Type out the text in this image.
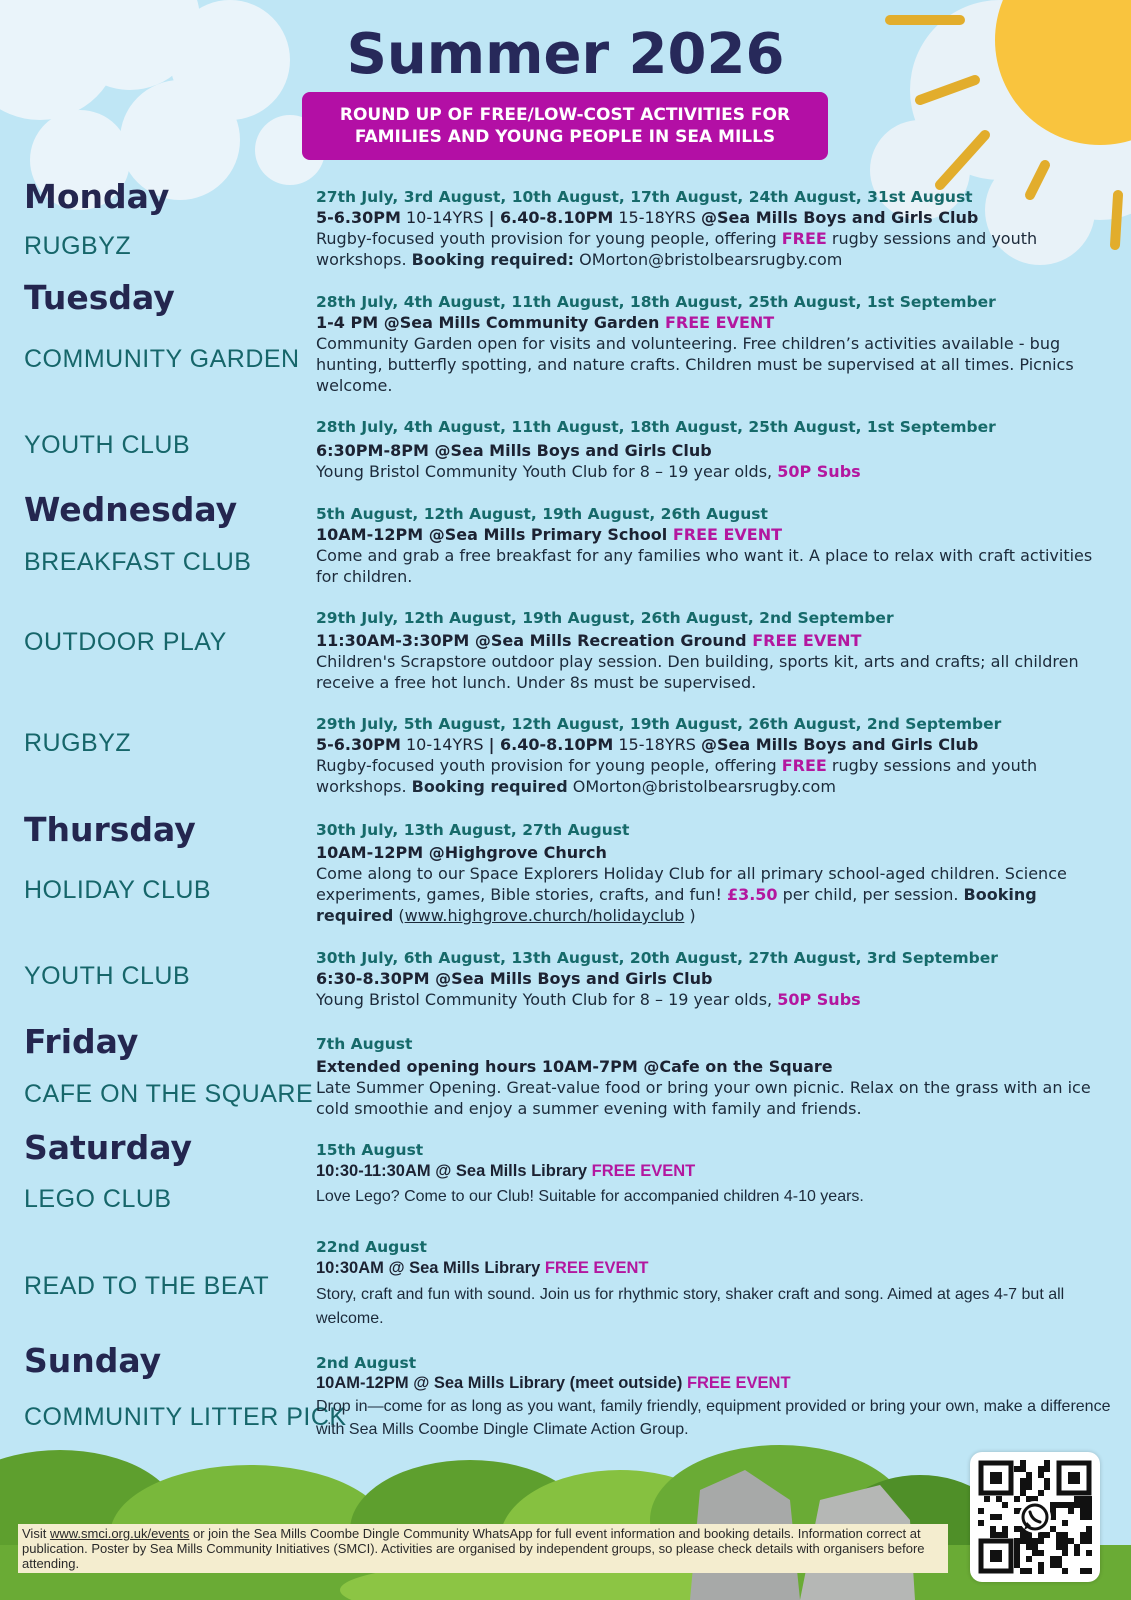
Summer 2026
ROUND UP OF FREE/LOW-COST ACTIVITIES FOR
FAMILIES AND YOUNG PEOPLE IN SEA MILLS
Monday
Tuesday
Wednesday
Thursday
Friday
Saturday
Sunday
RUGBYZ
COMMUNITY GARDEN
YOUTH CLUB
BREAKFAST CLUB
OUTDOOR PLAY
RUGBYZ
HOLIDAY CLUB
YOUTH CLUB
CAFE ON THE SQUARE
LEGO CLUB
READ TO THE BEAT
COMMUNITY LITTER PICK
27th July, 3rd August, 10th August, 17th August, 24th August, 31st August
5-6.30PM 10-14YRS | 6.40-8.10PM 15-18YRS @Sea Mills Boys and Girls Club
Rugby-focused youth provision for young people, offering FREE rugby sessions and youth workshops. Booking required: OMorton@bristolbearsrugby.com
28th July, 4th August, 11th August, 18th August, 25th August, 1st September
1-4 PM @Sea Mills Community Garden FREE EVENT
Community Garden open for visits and volunteering. Free children’s activities available - bug hunting, butterfly spotting, and nature crafts. Children must be supervised at all times. Picnics welcome.
28th July, 4th August, 11th August, 18th August, 25th August, 1st September
6:30PM-8PM @Sea Mills Boys and Girls Club
Young Bristol Community Youth Club for 8 – 19 year olds, 50P Subs
5th August, 12th August, 19th August, 26th August
10AM-12PM @Sea Mills Primary School FREE EVENT
Come and grab a free breakfast for any families who want it. A place to relax with craft activities for children.
29th July, 12th August, 19th August, 26th August, 2nd September
11:30AM-3:30PM @Sea Mills Recreation Ground FREE EVENT
Children's Scrapstore outdoor play session. Den building, sports kit, arts and crafts; all children receive a free hot lunch. Under 8s must be supervised.
29th July, 5th August, 12th August, 19th August, 26th August, 2nd September
5-6.30PM 10-14YRS | 6.40-8.10PM 15-18YRS @Sea Mills Boys and Girls Club
Rugby-focused youth provision for young people, offering FREE rugby sessions and youth workshops. Booking required OMorton@bristolbearsrugby.com
30th July, 13th August, 27th August
10AM-12PM @Highgrove Church
Come along to our Space Explorers Holiday Club for all primary school-aged children. Science experiments, games, Bible stories, crafts, and fun! £3.50 per child, per session. Booking required (www.highgrove.church/holidayclub )
30th July, 6th August, 13th August, 20th August, 27th August, 3rd September
6:30-8.30PM @Sea Mills Boys and Girls Club
Young Bristol Community Youth Club for 8 – 19 year olds, 50P Subs
7th August
Extended opening hours 10AM-7PM @Cafe on the Square
Late Summer Opening. Great-value food or bring your own picnic. Relax on the grass with an ice cold smoothie and enjoy a summer evening with family and friends.
15th August
10:30-11:30AM @ Sea Mills Library FREE EVENT
Love Lego? Come to our Club! Suitable for accompanied children 4-10 years.
22nd August
10:30AM @ Sea Mills Library FREE EVENT
Story, craft and fun with sound. Join us for rhythmic story, shaker craft and song. Aimed at ages 4-7 but all welcome.
2nd August
10AM-12PM @ Sea Mills Library (meet outside) FREE EVENT
Drop in—come for as long as you want, family friendly, equipment provided or bring your own, make a difference with Sea Mills Coombe Dingle Climate Action Group.
Visit www.smci.org.uk/events or join the Sea Mills Coombe Dingle Community WhatsApp for full event information and booking details. Information correct at publication. Poster by Sea Mills Community Initiatives (SMCI). Activities are organised by independent groups, so please check details with organisers before attending.
